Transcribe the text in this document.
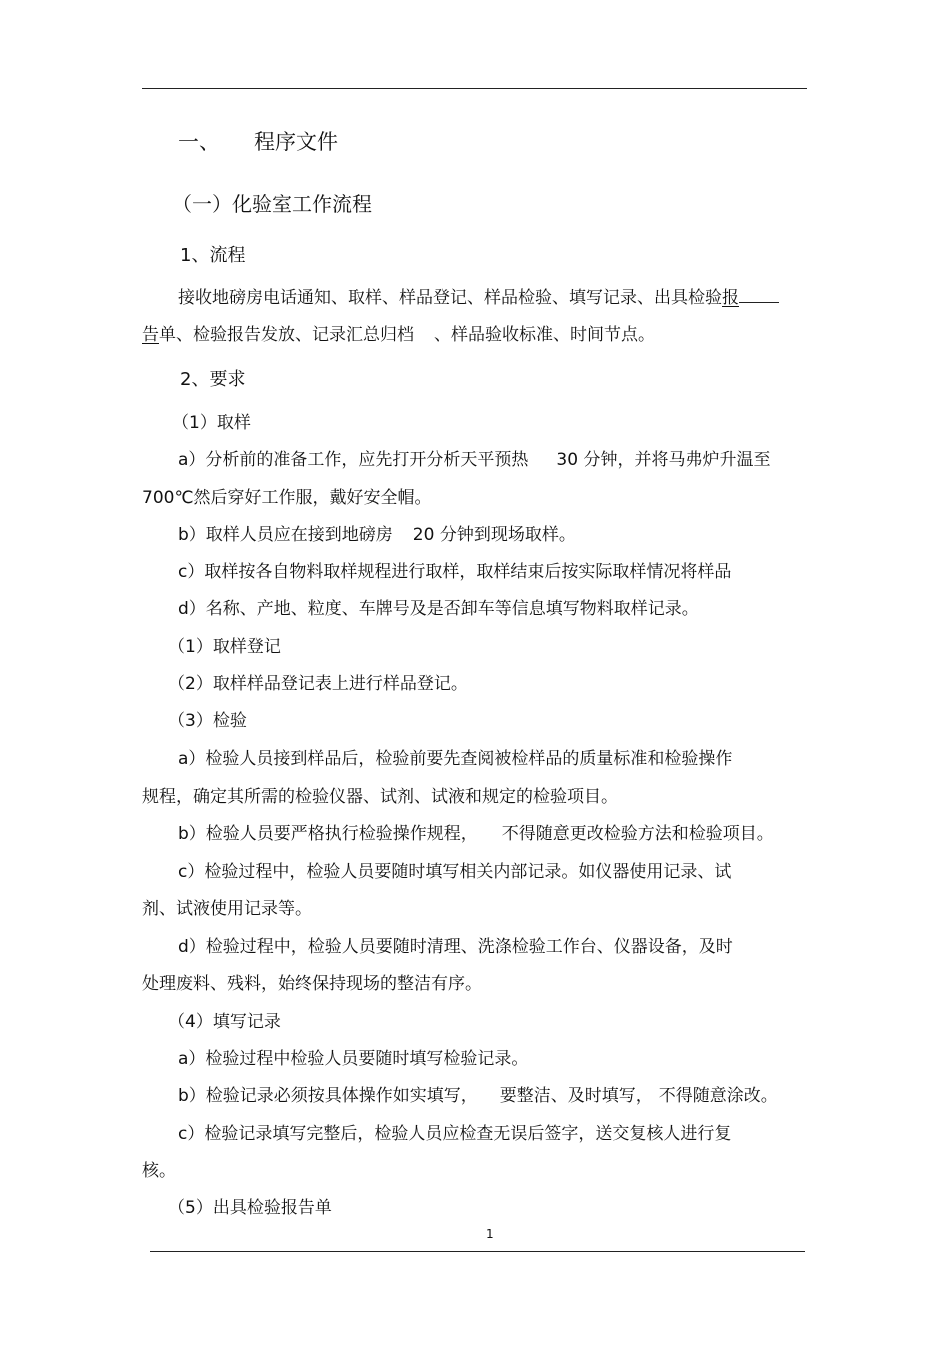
一、 程序文件
（一）化验室工作流程
1、流程
接收地磅房电话通知、取样、样品登记、样品检验、填写记录、出具检验报
告单、检验报告发放、记录汇总归档 、样品验收标准、时间节点。
2、要求
（1）取样
a）分析前的准备工作，应先打开分析天平预热 30 分钟，并将马弗炉升温至
700℃然后穿好工作服，戴好安全帽。
b）取样人员应在接到地磅房 20 分钟到现场取样。
c）取样按各自物料取样规程进行取样，取样结束后按实际取样情况将样品
d）名称、产地、粒度、车牌号及是否卸车等信息填写物料取样记录。
（1）取样登记
（2）取样样品登记表上进行样品登记。
（3）检验
a）检验人员接到样品后，检验前要先查阅被检样品的质量标准和检验操作
规程，确定其所需的检验仪器、试剂、试液和规定的检验项目。
b）检验人员要严格执行检验操作规程， 不得随意更改检验方法和检验项目。
c）检验过程中，检验人员要随时填写相关内部记录。如仪器使用记录、试
剂、试液使用记录等。
d）检验过程中，检验人员要随时清理、洗涤检验工作台、仪器设备，及时
处理废料、残料，始终保持现场的整洁有序。
（4）填写记录
a）检验过程中检验人员要随时填写检验记录。
b）检验记录必须按具体操作如实填写， 要整洁、及时填写， 不得随意涂改。
c）检验记录填写完整后，检验人员应检查无误后签字，送交复核人进行复
核。
（5）出具检验报告单
1
